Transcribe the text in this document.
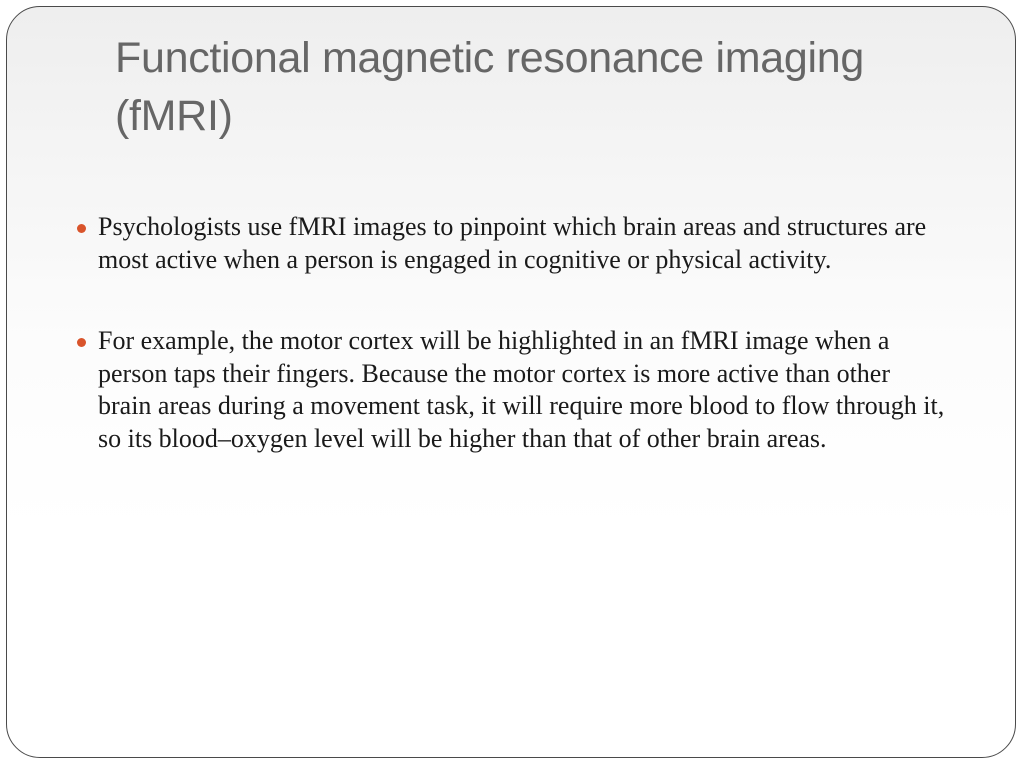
Functional magnetic resonance imaging (fMRI)
Psychologists use fMRI images to pinpoint which brain areas and structures are most active when a person is engaged in cognitive or physical activity.
For example, the motor cortex will be highlighted in an fMRI image when a person taps their fingers. Because the motor cortex is more active than other brain areas during a movement task, it will require more blood to flow through it, so its blood–oxygen level will be higher than that of other brain areas.
